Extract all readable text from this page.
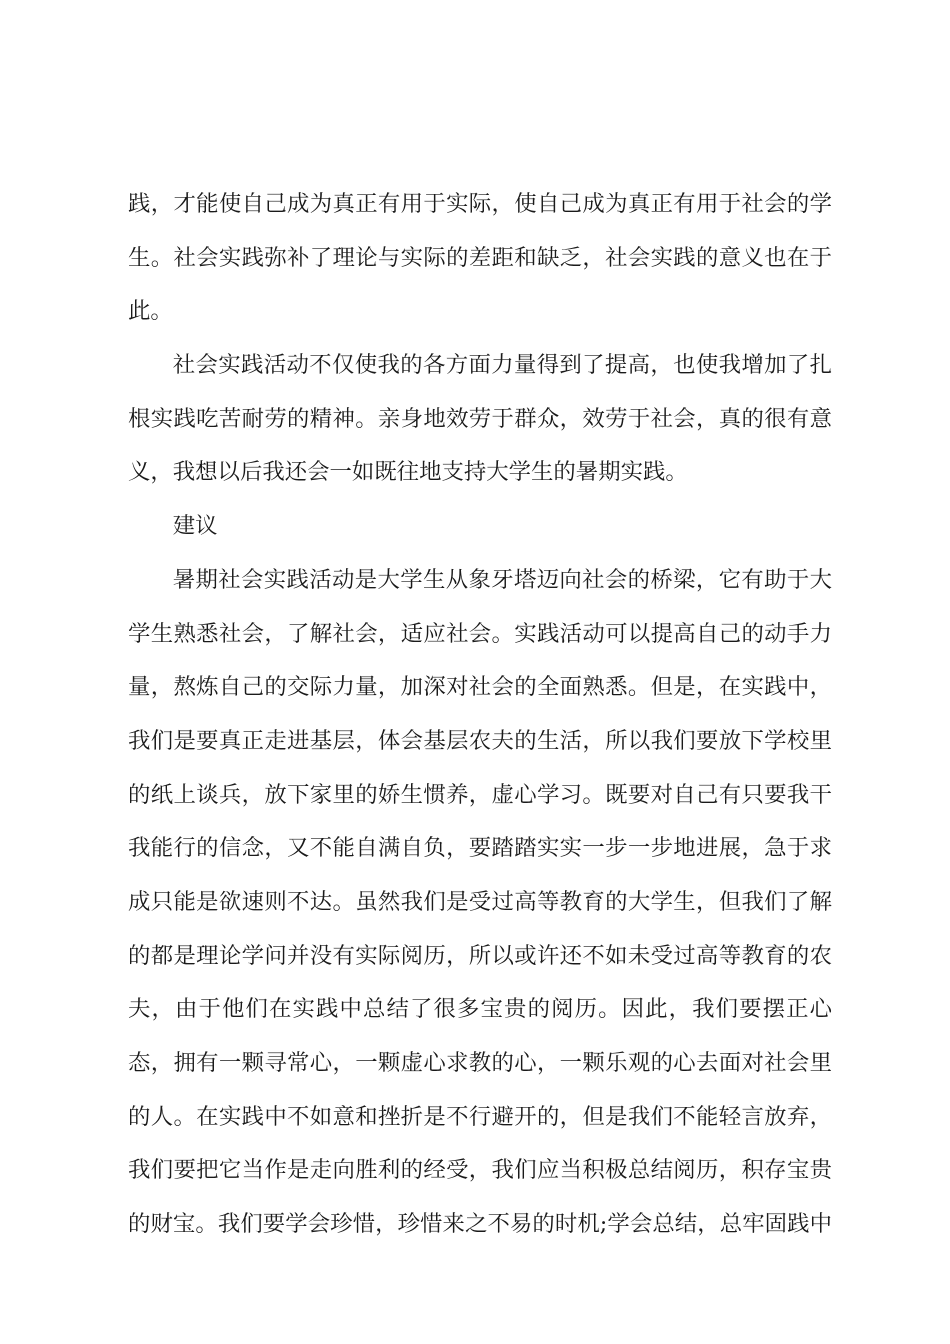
践，才能使自己成为真正有用于实际，使自己成为真正有用于社会的学
生。社会实践弥补了理论与实际的差距和缺乏，社会实践的意义也在于
此。
社会实践活动不仅使我的各方面力量得到了提高，也使我增加了扎
根实践吃苦耐劳的精神。亲身地效劳于群众，效劳于社会，真的很有意
义，我想以后我还会一如既往地支持大学生的暑期实践。
建议
暑期社会实践活动是大学生从象牙塔迈向社会的桥梁，它有助于大
学生熟悉社会，了解社会，适应社会。实践活动可以提高自己的动手力
量，熬炼自己的交际力量，加深对社会的全面熟悉。但是，在实践中，
我们是要真正走进基层，体会基层农夫的生活，所以我们要放下学校里
的纸上谈兵，放下家里的娇生惯养，虚心学习。既要对自己有只要我干
我能行的信念，又不能自满自负，要踏踏实实一步一步地进展，急于求
成只能是欲速则不达。虽然我们是受过高等教育的大学生，但我们了解
的都是理论学问并没有实际阅历，所以或许还不如未受过高等教育的农
夫，由于他们在实践中总结了很多宝贵的阅历。因此，我们要摆正心
态，拥有一颗寻常心，一颗虚心求教的心，一颗乐观的心去面对社会里
的人。在实践中不如意和挫折是不行避开的，但是我们不能轻言放弃，
我们要把它当作是走向胜利的经受，我们应当积极总结阅历，积存宝贵
的财宝。我们要学会珍惜，珍惜来之不易的时机;学会总结，总牢固践中
